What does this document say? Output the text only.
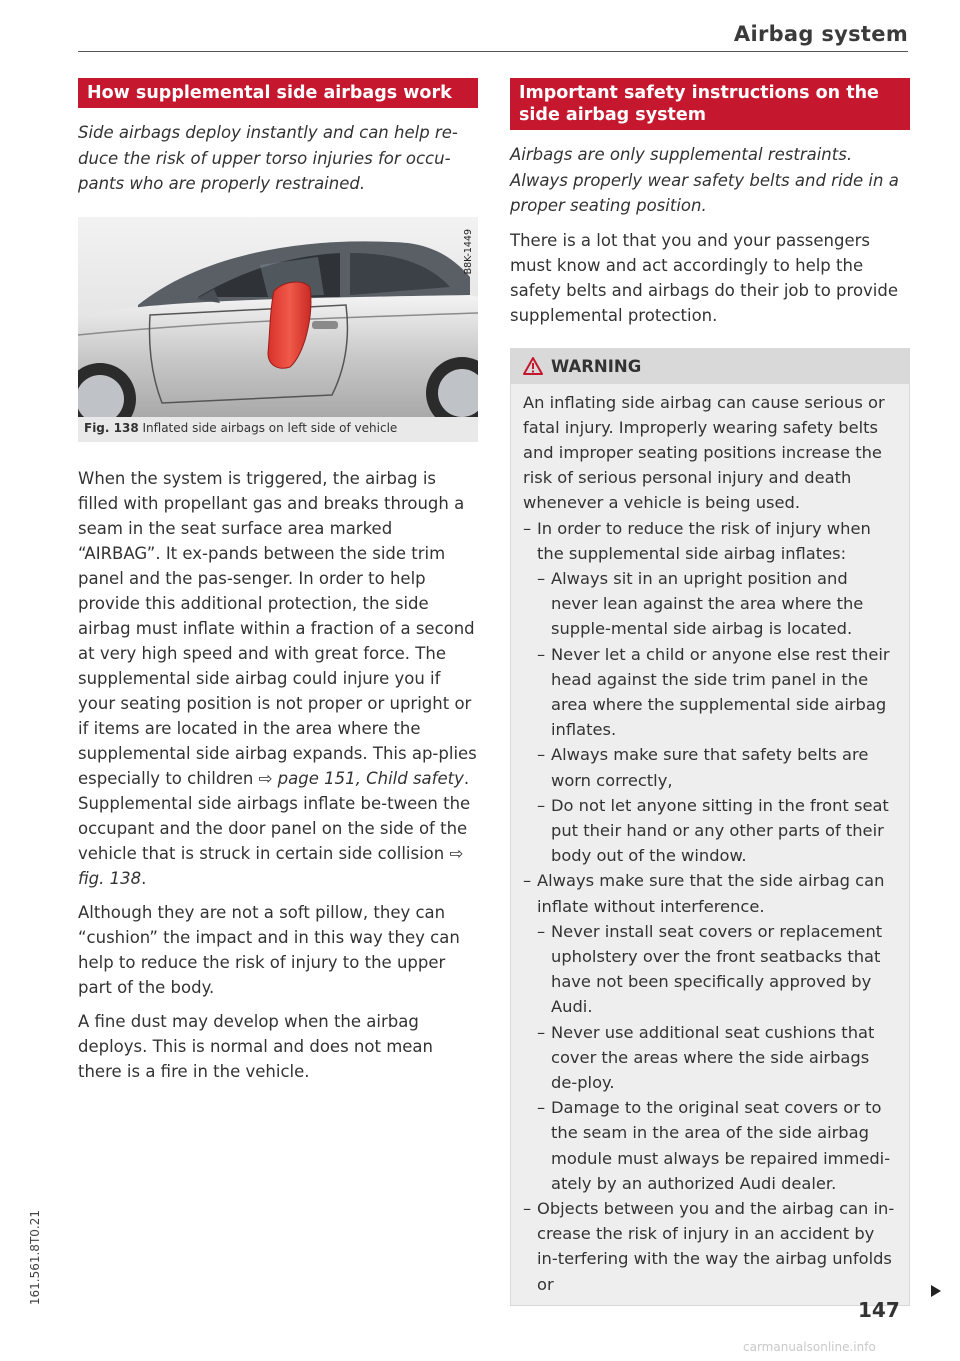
Airbag system
How supplemental side airbags work

Side airbags deploy instantly and can help re-duce the risk of upper torso injuries for occu-pants who are properly restrained.

B8K-1449
Fig. 138 Inflated side airbags on left side of vehicle

When the system is triggered, the airbag is filled with propellant gas and breaks through a seam in the seat surface area marked “AIRBAG”. It ex-pands between the side trim panel and the pas-senger. In order to help provide this additional protection, the side airbag must inflate within a fraction of a second at very high speed and with great force. The supplemental side airbag could injure you if your seating position is not proper or upright or if items are located in the area where the supplemental side airbag expands. This ap-plies especially to children ⇨ page 151, Child safety. Supplemental side airbags inflate be-tween the occupant and the door panel on the side of the vehicle that is struck in certain side collision ⇨ fig. 138.

Although they are not a soft pillow, they can “cushion” the impact and in this way they can help to reduce the risk of injury to the upper part of the body.

A fine dust may develop when the airbag deploys. This is normal and does not mean there is a fire in the vehicle.

Important safety instructions on the side airbag system

Airbags are only supplemental restraints. Always properly wear safety belts and ride in a proper seating position.

There is a lot that you and your passengers must know and act accordingly to help the safety belts and airbags do their job to provide supplemental protection.

WARNING

An inflating side airbag can cause serious or fatal injury. Improperly wearing safety belts and improper seating positions increase the risk of serious personal injury and death whenever a vehicle is being used.

– In order to reduce the risk of injury when the supplemental side airbag inflates:
– Always sit in an upright position and never lean against the area where the supple-mental side airbag is located.
– Never let a child or anyone else rest their head against the side trim panel in the area where the supplemental side airbag inflates.
– Always make sure that safety belts are worn correctly,
– Do not let anyone sitting in the front seat put their hand or any other parts of their body out of the window.
– Always make sure that the side airbag can inflate without interference.
– Never install seat covers or replacement upholstery over the front seatbacks that have not been specifically approved by Audi.
– Never use additional seat cushions that cover the areas where the side airbags de-ploy.
– Damage to the original seat covers or to the seam in the area of the side airbag module must always be repaired immedi-ately by an authorized Audi dealer.
– Objects between you and the airbag can in-crease the risk of injury in an accident by in-terfering with the way the airbag unfolds or
161.561.8T0.21
147
carmanualsonline.info
